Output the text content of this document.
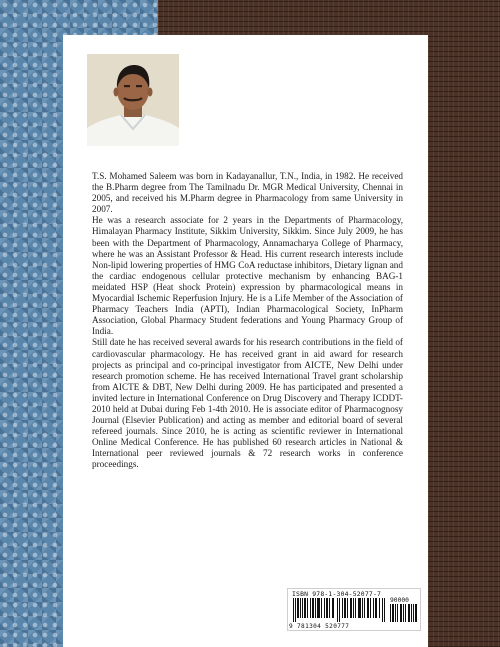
T.S. Mohamed Saleem was born in Kadayanallur, T.N., India, in 1982. He received the B.Pharm degree from The Tamilnadu Dr. MGR Medical University, Chennai in 2005, and received his M.Pharm degree in Pharmacology from same University in 2007.

He was a research associate for 2 years in the Departments of Pharmacology, Himalayan Pharmacy Institute, Sikkim University, Sikkim. Since July 2009, he has been with the Department of Pharmacology, Annamacharya College of Pharmacy, where he was an Assistant Professor & Head. His current research interests include Non-lipid lowering properties of HMG CoA reductase inhibitors, Dietary lignan and the cardiac endogenous cellular protective mechanism by enhancing BAG-1 meidated HSP (Heat shock Protein) expression by pharmacological means in Myocardial Ischemic Reperfusion Injury. He is a Life Member of the Association of Pharmacy Teachers India (APTI), Indian Pharmacological Society, InPharm Association, Global Pharmacy Student federations and Young Pharmacy Group of India.

Still date he has received several awards for his research contributions in the field of cardiovascular pharmacology. He has received grant in aid award for research projects as principal and co-principal investigator from AICTE, New Delhi under research promotion scheme. He has received International Travel grant scholarship from AICTE & DBT, New Delhi during 2009. He has participated and presented a invited lecture in International Conference on Drug Discovery and Therapy ICDDT-2010 held at Dubai during Feb 1-4th 2010. He is associate editor of Pharmacognosy Journal (Elsevier Publication) and acting as member and editorial board of several refereed journals. Since 2010, he is acting as scientific reviewer in International Online Medical Conference. He has published 60 research articles in National & International peer reviewed journals & 72 research works in conference proceedings.

ISBN 978-1-304-52077-7
90000
9 781304 520777
